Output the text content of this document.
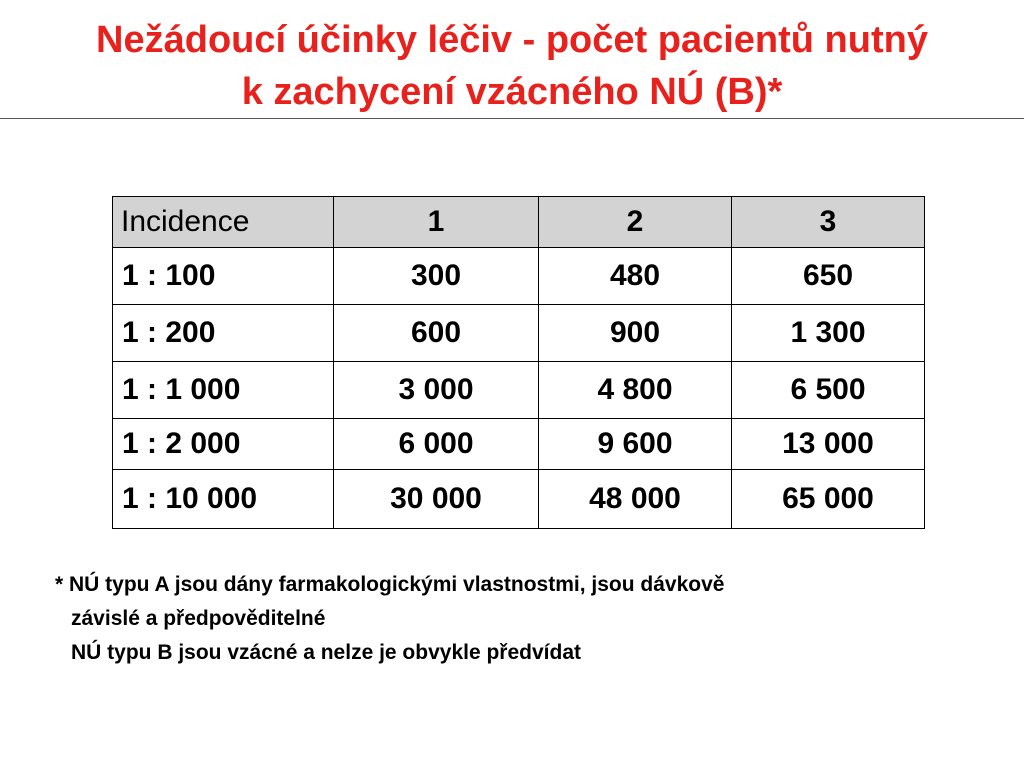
Nežádoucí účinky léčiv - počet pacientů nutný
k zachycení vzácného NÚ (B)*
Incidence	1	2	3
1 : 100	300	480	650
1 : 200	600	900	1 300
1 : 1 000	3 000	4 800	6 500
1 : 2 000	6 000	9 600	13 000
1 : 10 000	30 000	48 000	65 000
* NÚ typu A jsou dány farmakologickými vlastnostmi, jsou dávkově
závislé a předpověditelné
NÚ typu B jsou vzácné a nelze je obvykle předvídat
